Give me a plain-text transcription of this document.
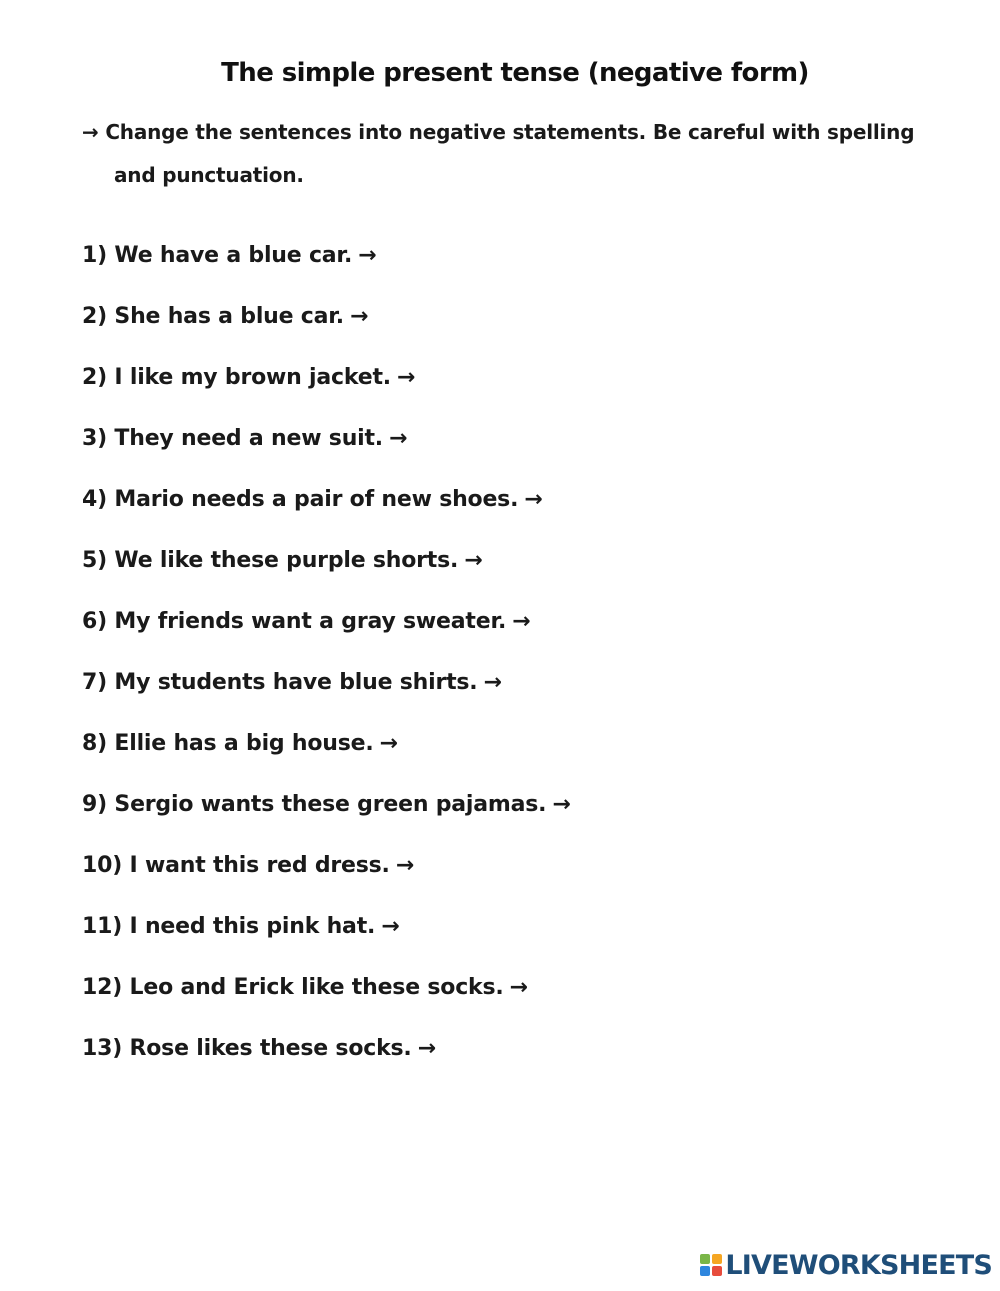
The simple present tense (negative form)
→ Change the sentences into negative statements. Be careful with spelling
and punctuation.
1) We have a blue car. →
2) She has a blue car. →
2) I like my brown jacket. →
3) They need a new suit. →
4) Mario needs a pair of new shoes. →
5) We like these purple shorts. →
6) My friends want a gray sweater. →
7) My students have blue shirts. →
8) Ellie has a big house. →
9) Sergio wants these green pajamas. →
10) I want this red dress. →
11) I need this pink hat. →
12) Leo and Erick like these socks. →
13) Rose likes these socks. →
LIVEWORKSHEETS
